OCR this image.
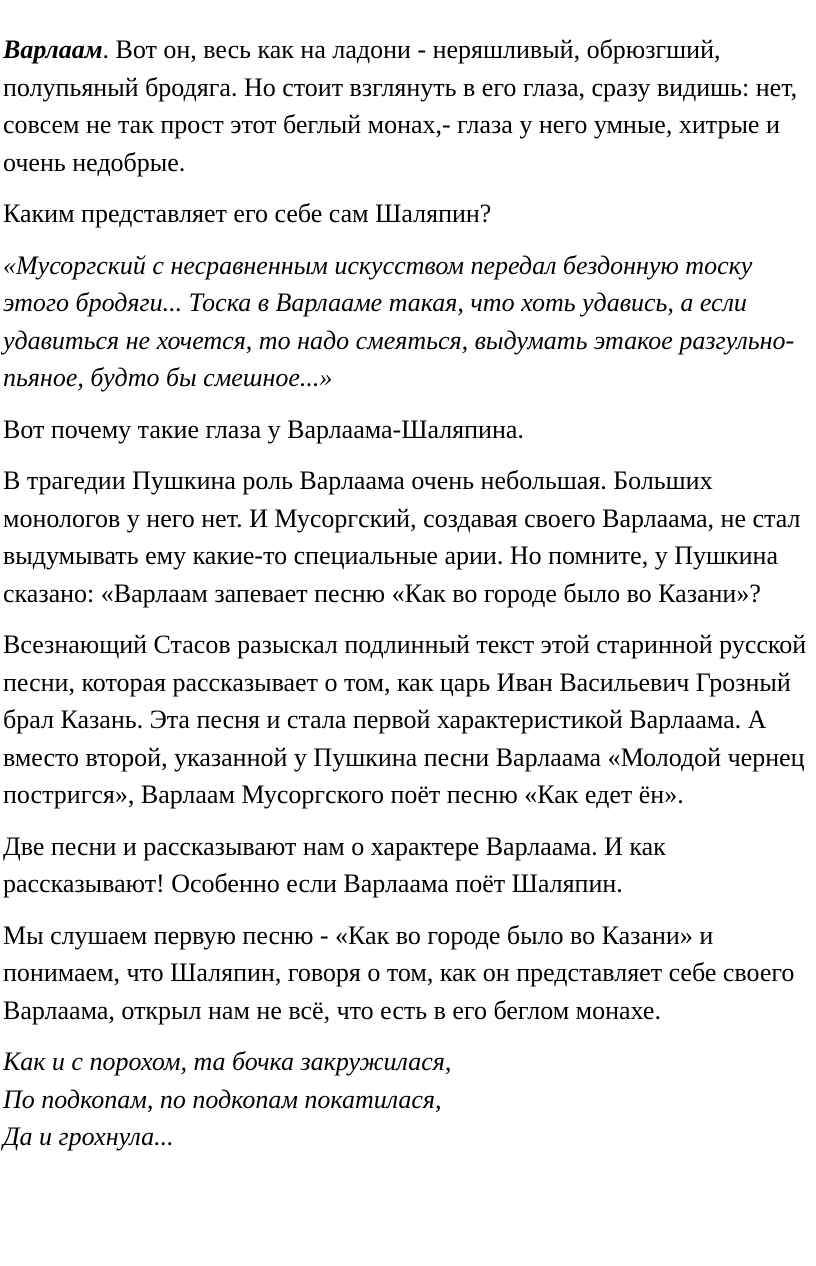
Варлаам. Вот он, весь как на ладони - неряшливый, обрюзгший, полупьяный бродяга. Но стоит взглянуть в его глаза, сразу видишь: нет, совсем не так прост этот беглый монах,- глаза у него умные, хитрые и очень недобрые.

Каким представляет его себе сам Шаляпин?

«Мусоргский с несравненным искусством передал бездонную тоску этого бродяги... Тоска в Варлааме такая, что хоть удавись, а если удавиться не хочется, то надо смеяться, выдумать этакое разгульно-пьяное, будто бы смешное...»

Вот почему такие глаза у Варлаама-Шаляпина.

В трагедии Пушкина роль Варлаама очень небольшая. Больших монологов у него нет. И Мусоргский, создавая своего Варлаама, не стал выдумывать ему какие-то специальные арии. Но помните, у Пушкина сказано: «Варлаам запевает песню «Как во городе было во Казани»?

Всезнающий Стасов разыскал подлинный текст этой старинной русской песни, которая рассказывает о том, как царь Иван Васильевич Грозный брал Казань. Эта песня и стала первой характеристикой Варлаама. А вместо второй, указанной у Пушкина песни Варлаама «Молодой чернец постригся», Варлаам Мусоргского поёт песню «Как едет ён».

Две песни и рассказывают нам о характере Варлаама. И как рассказывают! Особенно если Варлаама поёт Шаляпин.

Мы слушаем первую песню - «Как во городе было во Казани» и понимаем, что Шаляпин, говоря о том, как он представляет себе своего Варлаама, открыл нам не всё, что есть в его беглом монахе.

Как и с порохом, та бочка закружилася,
По подкопам, по подкопам покатилася,
Да и грохнула...
